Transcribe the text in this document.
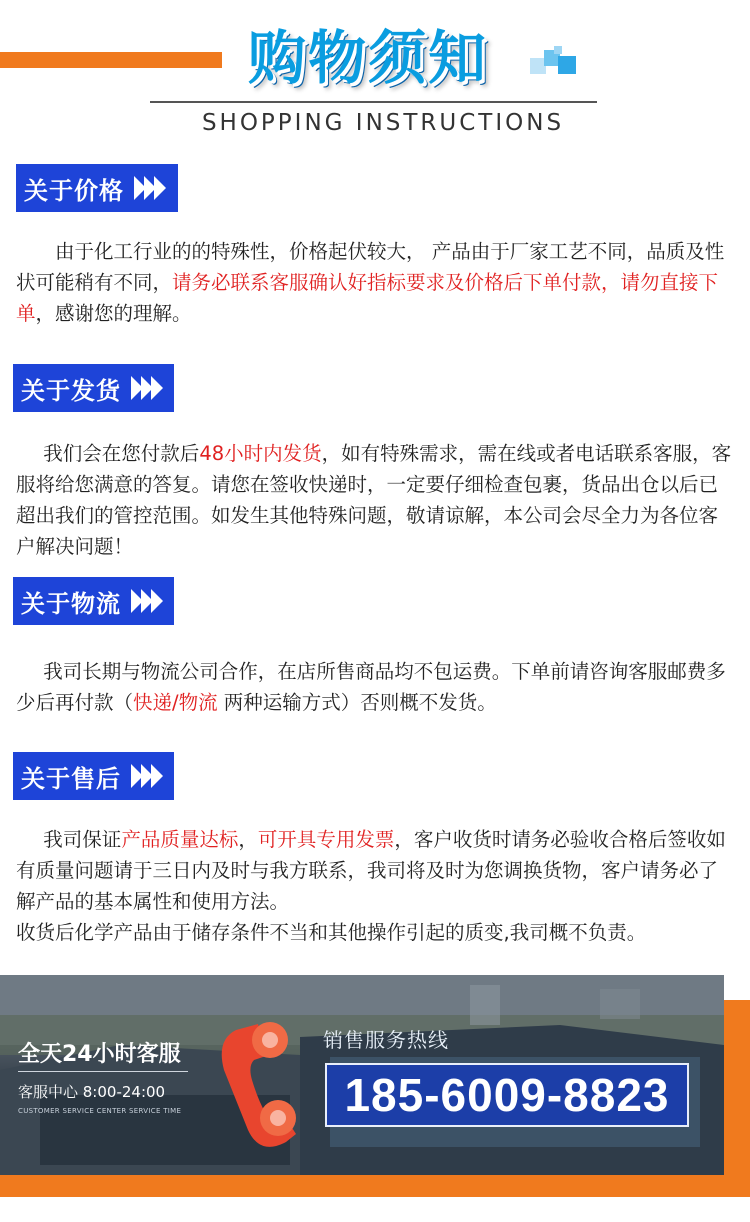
购物须知
SHOPPING INSTRUCTIONS
关于价格
由于化工行业的的特殊性，价格起伏较大， 产品由于厂家工艺不同，品质及性状可能稍有不同，请务必联系客服确认好指标要求及价格后下单付款，请勿直接下单，感谢您的理解。
关于发货
我们会在您付款后48小时内发货，如有特殊需求，需在线或者电话联系客服，客服将给您满意的答复。请您在签收快递时，一定要仔细检查包裹，货品出仓以后已超出我们的管控范围。如发生其他特殊问题，敬请谅解，本公司会尽全力为各位客户解决问题！
关于物流
我司长期与物流公司合作，在店所售商品均不包运费。下单前请咨询客服邮费多少后再付款（快递/物流 两种运输方式）否则概不发货。
关于售后
我司保证产品质量达标，可开具专用发票，客户收货时请务必验收合格后签收如有质量问题请于三日内及时与我方联系，我司将及时为您调换货物，客户请务必了解产品的基本属性和使用方法。
收货后化学产品由于储存条件不当和其他操作引起的质变,我司概不负责。
全天24小时客服
客服中心 8:00-24:00
CUSTOMER SERVICE CENTER SERVICE TIME
销售服务热线
185-6009-8823
